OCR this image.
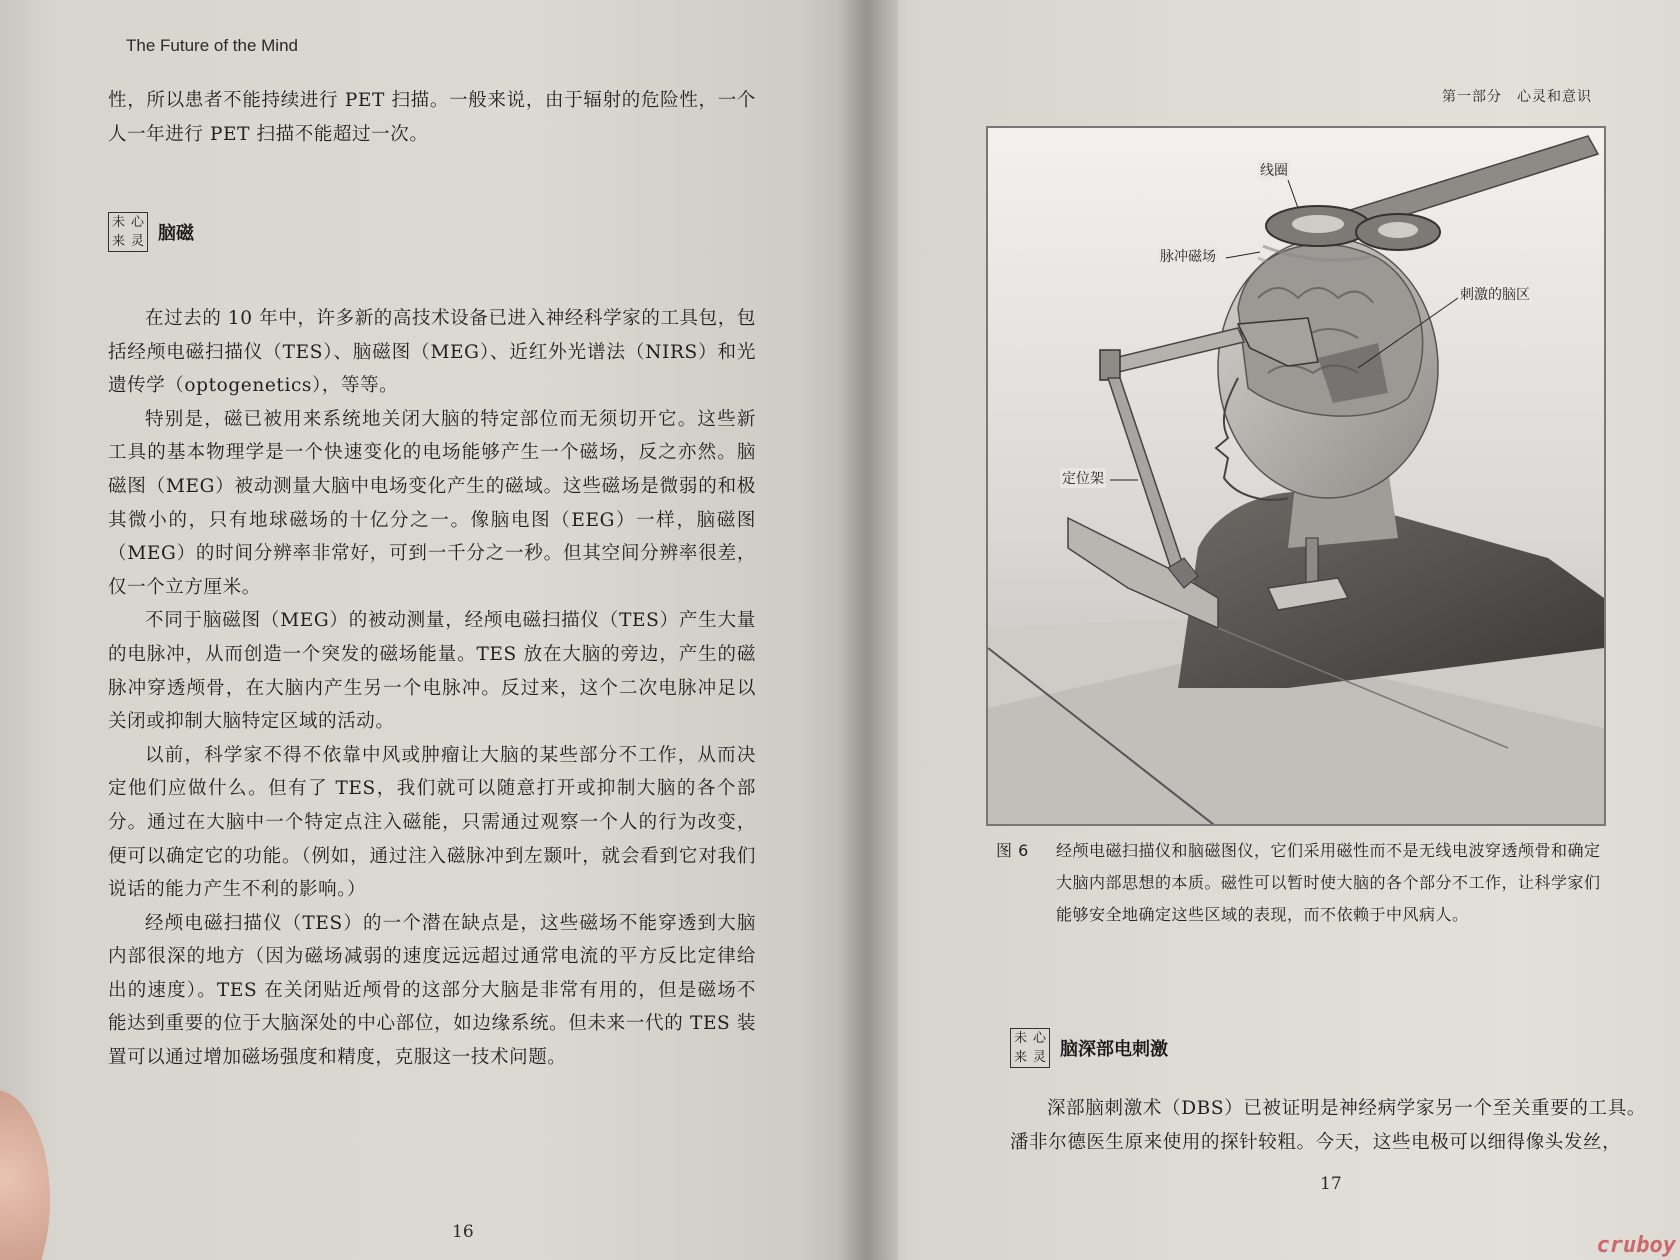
The Future of the Mind

性，所以患者不能持续进行 PET 扫描。一般来说，由于辐射的危险性，一个人一年进行 PET 扫描不能超过一次。

未 心
来 灵 脑磁

在过去的 10 年中，许多新的高技术设备已进入神经科学家的工具包，包括经颅电磁扫描仪（TES）、脑磁图（MEG）、近红外光谱法（NIRS）和光遗传学（optogenetics），等等。

特别是，磁已被用来系统地关闭大脑的特定部位而无须切开它。这些新工具的基本物理学是一个快速变化的电场能够产生一个磁场，反之亦然。脑磁图（MEG）被动测量大脑中电场变化产生的磁域。这些磁场是微弱的和极其微小的，只有地球磁场的十亿分之一。像脑电图（EEG）一样，脑磁图（MEG）的时间分辨率非常好，可到一千分之一秒。但其空间分辨率很差，仅一个立方厘米。

不同于脑磁图（MEG）的被动测量，经颅电磁扫描仪（TES）产生大量的电脉冲，从而创造一个突发的磁场能量。TES 放在大脑的旁边，产生的磁脉冲穿透颅骨，在大脑内产生另一个电脉冲。反过来，这个二次电脉冲足以关闭或抑制大脑特定区域的活动。

以前，科学家不得不依靠中风或肿瘤让大脑的某些部分不工作，从而决定他们应做什么。但有了 TES，我们就可以随意打开或抑制大脑的各个部分。通过在大脑中一个特定点注入磁能，只需通过观察一个人的行为改变，便可以确定它的功能。（例如，通过注入磁脉冲到左颞叶，就会看到它对我们说话的能力产生不利的影响。）

经颅电磁扫描仪（TES）的一个潜在缺点是，这些磁场不能穿透到大脑内部很深的地方（因为磁场减弱的速度远远超过通常电流的平方反比定律给出的速度）。TES 在关闭贴近颅骨的这部分大脑是非常有用的，但是磁场不能达到重要的位于大脑深处的中心部位，如边缘系统。但未来一代的 TES 装置可以通过增加磁场强度和精度，克服这一技术问题。

16
第一部分　心灵和意识
线圈
脉冲磁场
刺激的脑区
定位架
图 6 经颅电磁扫描仪和脑磁图仪，它们采用磁性而不是无线电波穿透颅骨和确定大脑内部思想的本质。磁性可以暂时使大脑的各个部分不工作，让科学家们能够安全地确定这些区域的表现，而不依赖于中风病人。
未 心
来 灵 脑深部电刺激

深部脑刺激术（DBS）已被证明是神经病学家另一个至关重要的工具。潘非尔德医生原来使用的探针较粗。今天，这些电极可以细得像头发丝，

17
cruboy
